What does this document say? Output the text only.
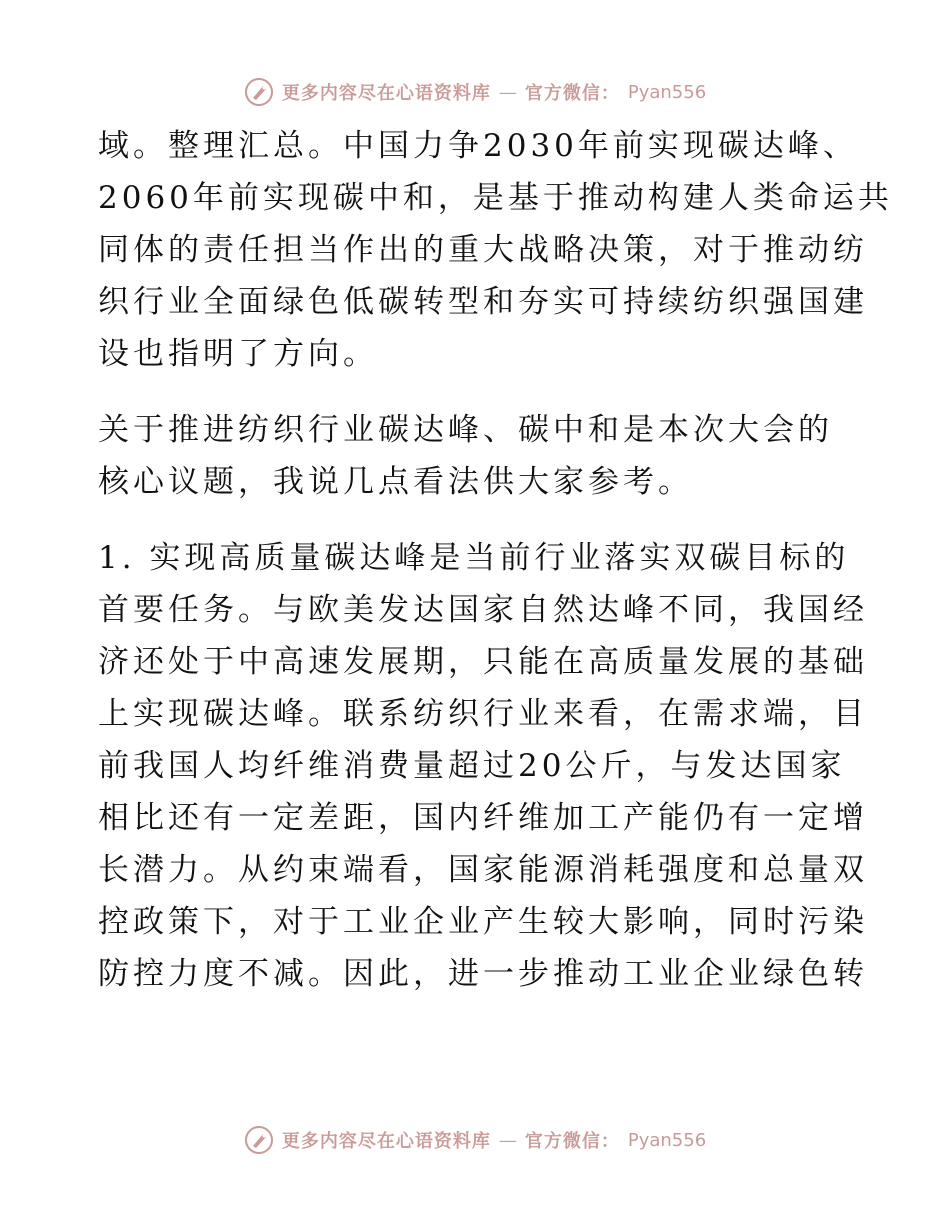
更多内容尽在心语资料库 — 官方微信： Pyan556

域。整理汇总。中国力争2030年前实现碳达峰、
2060年前实现碳中和，是基于推动构建人类命运共
同体的责任担当作出的重大战略决策，对于推动纺
织行业全面绿色低碳转型和夯实可持续纺织强国建
设也指明了方向。

关于推进纺织行业碳达峰、碳中和是本次大会的
核心议题，我说几点看法供大家参考。

1. 实现高质量碳达峰是当前行业落实双碳目标的
首要任务。与欧美发达国家自然达峰不同，我国经
济还处于中高速发展期，只能在高质量发展的基础
上实现碳达峰。联系纺织行业来看，在需求端，目
前我国人均纤维消费量超过20公斤，与发达国家
相比还有一定差距，国内纤维加工产能仍有一定增
长潜力。从约束端看，国家能源消耗强度和总量双
控政策下，对于工业企业产生较大影响，同时污染
防控力度不减。因此，进一步推动工业企业绿色转

更多内容尽在心语资料库 — 官方微信： Pyan556
